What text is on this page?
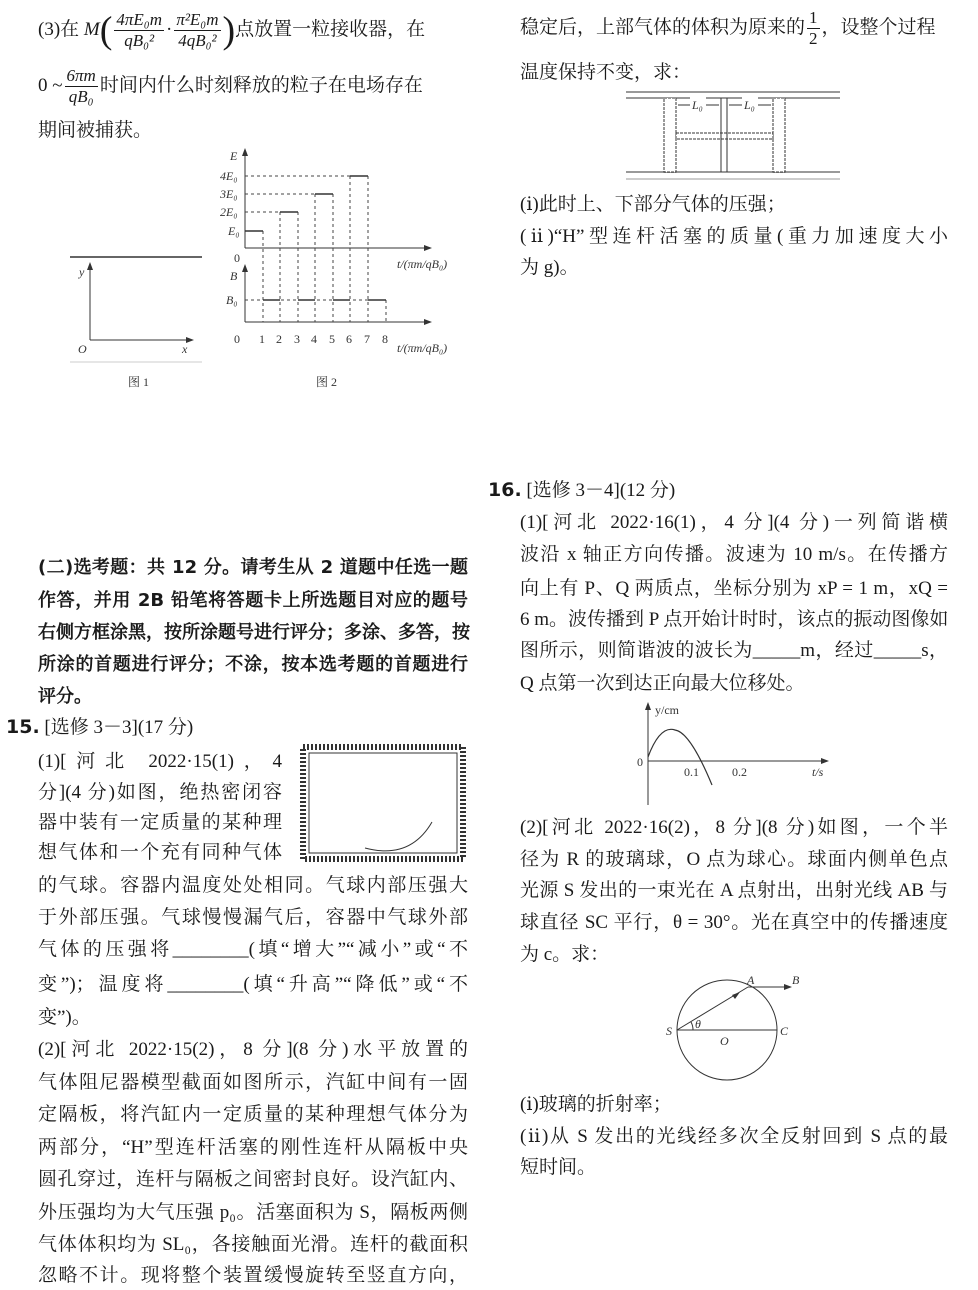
(3)在 $M( \frac{\text{4πE₀m}}{\text{qB₀²}} \cdot \frac{\text{π²E₀m}}{\text{4qB₀²}}$ )点放置一粒接收器，在
0 ~ $\frac{6\pi m}{\text{qB₀}}$ 时间内什么时刻释放的粒子在电场存在
期间被捕获。
y
O	x
图 1
E
4E₀
3E₀
2E₀
E₀
0	t/(πm/qB₀)
B
B₀
0 1 2 3 4 5 6 7 8
t/(πm/qB₀)
图 2
L₀	L₀
y/cm
0
0.1	0.2	t/s
A	B
S
O
C
θ
(二)选考题：共 12 分。请考生从 2 道题中任选一题
作答，并用 2B 铅笔将答题卡上所选题目对应的题号
右侧方框涂黑，按所涂题号进行评分；多涂、多答，按
所涂的首题进行评分；不涂，按本选考题的首题进行
评分。
15. [选修 3－3](17 分)
(1)[河北 2022·15(1)，4
分](4 分)如图，绝热密闭容
器中装有一定质量的某种理
想气体和一个充有同种气体
的气球。容器内温度处处相同。气球内部压强大
于外部压强。气球慢慢漏气后，容器中气球外部
气体的压强将________(填“增大”“减小”或“不
变”)；温度将________(填“升高”“降低”或“不
变”)。
(2)[河北 2022·15(2)，8 分](8 分)水平放置的
气体阻尼器模型截面如图所示，汽缸中间有一固
定隔板，将汽缸内一定质量的某种理想气体分为
两部分，“H”型连杆活塞的刚性连杆从隔板中央
圆孔穿过，连杆与隔板之间密封良好。设汽缸内、
外压强均为大气压强 p₀。活塞面积为 S，隔板两侧
气体体积均为 SL₀，各接触面光滑。连杆的截面积
忽略不计。现将整个装置缓慢旋转至竖直方向，
稳定后，上部气体的体积为原来的 $\frac{1}{2}$ ，设整个过程
温度保持不变，求：
(ⅰ)此时上、下部分气体的压强；
(ⅱ)“H”型连杆活塞的质量(重力加速度大小
为 g)。
16. [选修 3－4](12 分)
(1)[河北 2022·16(1)，4 分](4 分)一列简谐横
波沿 x 轴正方向传播。波速为 10 m/s。在传播方
向上有 P、Q 两质点，坐标分别为 xP = 1 m，xQ =
6 m。波传播到 P 点开始计时时，该点的振动图像如
图所示，则简谐波的波长为_____m，经过_____s，
Q 点第一次到达正向最大位移处。
(2)[河北 2022·16(2)，8 分](8 分)如图，一个半
径为 R 的玻璃球，O 点为球心。球面内侧单色点
光源 S 发出的一束光在 A 点射出，出射光线 AB 与
球直径 SC 平行，θ = 30°。光在真空中的传播速度
为 c。求：
(ⅰ)玻璃的折射率；
(ⅱ)从 S 发出的光线经多次全反射回到 S 点的最
短时间。
